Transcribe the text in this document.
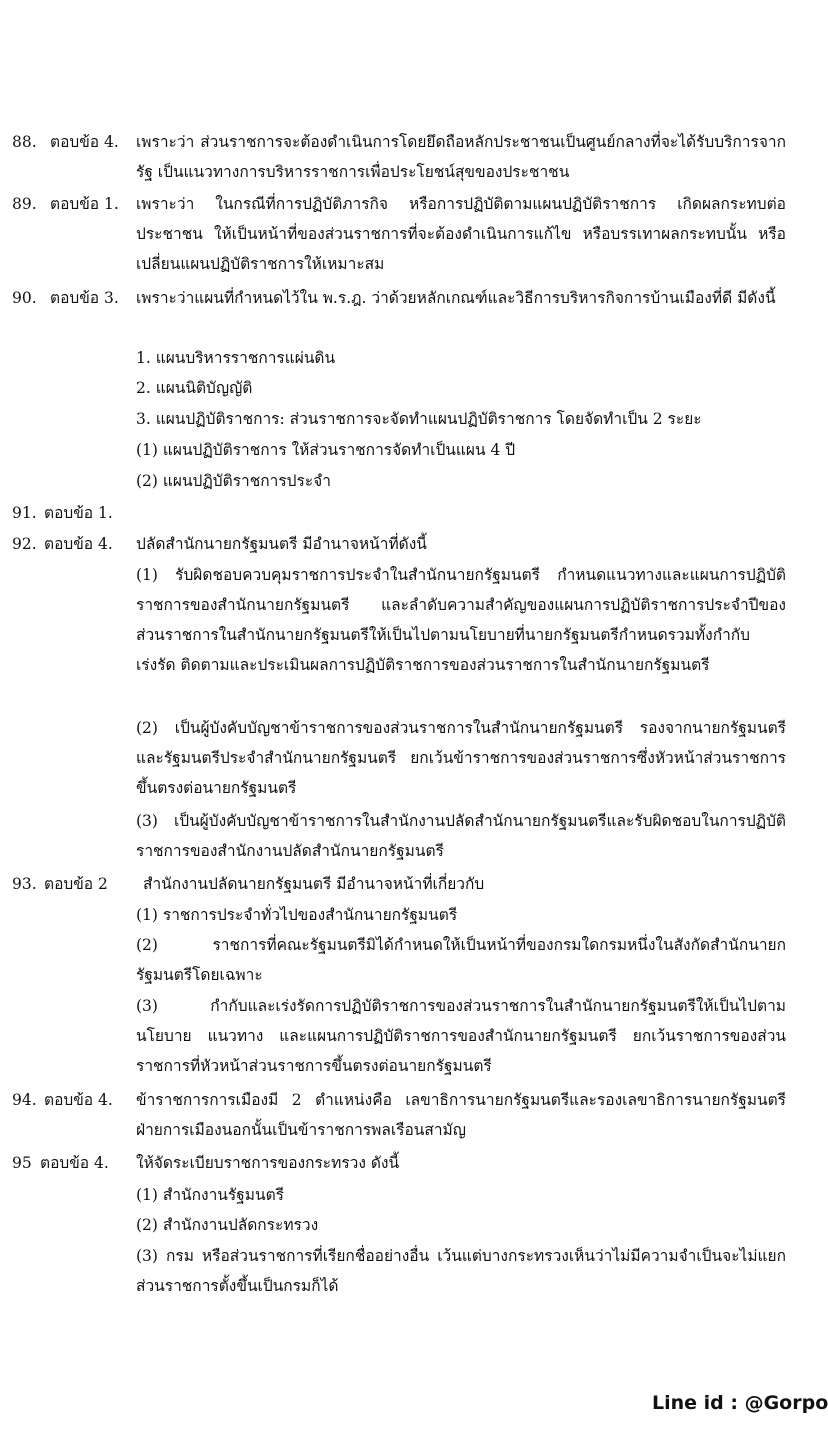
88. ตอบข้อ 4. เพราะว่า ส่วนราชการจะต้องดำเนินการโดยยึดถือหลักประชาชนเป็นศูนย์กลางที่จะได้รับบริการจากรัฐ เป็นแนวทางการบริหารราชการเพื่อประโยชน์สุขของประชาชน
89. ตอบข้อ 1. เพราะว่า ในกรณีที่การปฏิบัติภารกิจ หรือการปฏิบัติตามแผนปฏิบัติราชการ เกิดผลกระทบต่อประชาชน ให้เป็นหน้าที่ของส่วนราชการที่จะต้องดำเนินการแก้ไข หรือบรรเทาผลกระทบนั้น หรือเปลี่ยนแผนปฏิบัติราชการให้เหมาะสม
90. ตอบข้อ 3. เพราะว่าแผนที่กำหนดไว้ใน พ.ร.ฎ. ว่าด้วยหลักเกณฑ์และวิธีการบริหารกิจการบ้านเมืองที่ดี มีดังนี้
1. แผนบริหารราชการแผ่นดิน
2. แผนนิติบัญญัติ
3. แผนปฏิบัติราชการ: ส่วนราชการจะจัดทำแผนปฏิบัติราชการ โดยจัดทำเป็น 2 ระยะ
(1) แผนปฏิบัติราชการ ให้ส่วนราชการจัดทำเป็นแผน 4 ปี
(2) แผนปฏิบัติราชการประจำ
91. ตอบข้อ 1.
92. ตอบข้อ 4. ปลัดสำนักนายกรัฐมนตรี มีอำนาจหน้าที่ดังนี้
(1) รับผิดชอบควบคุมราชการประจำในสำนักนายกรัฐมนตรี กำหนดแนวทางและแผนการปฏิบัติราชการของสำนักนายกรัฐมนตรี และลำดับความสำคัญของแผนการปฏิบัติราชการประจำปีของส่วนราชการในสำนักนายกรัฐมนตรีให้เป็นไปตามนโยบายที่นายกรัฐมนตรีกำหนดรวมทั้งกำกับ เร่งรัด ติดตามและประเมินผลการปฏิบัติราชการของส่วนราชการในสำนักนายกรัฐมนตรี
(2) เป็นผู้บังคับบัญชาข้าราชการของส่วนราชการในสำนักนายกรัฐมนตรี รองจากนายกรัฐมนตรีและรัฐมนตรีประจำสำนักนายกรัฐมนตรี ยกเว้นข้าราชการของส่วนราชการซึ่งหัวหน้าส่วนราชการขึ้นตรงต่อนายกรัฐมนตรี
(3) เป็นผู้บังคับบัญชาข้าราชการในสำนักงานปลัดสำนักนายกรัฐมนตรีและรับผิดชอบในการปฏิบัติราชการของสำนักงานปลัดสำนักนายกรัฐมนตรี
93. ตอบข้อ 2 สำนักงานปลัดนายกรัฐมนตรี มีอำนาจหน้าที่เกี่ยวกับ
(1) ราชการประจำทั่วไปของสำนักนายกรัฐมนตรี
(2) ราชการที่คณะรัฐมนตรีมิได้กำหนดให้เป็นหน้าที่ของกรมใดกรมหนึ่งในสังกัดสำนักนายกรัฐมนตรีโดยเฉพาะ
(3) กำกับและเร่งรัดการปฏิบัติราชการของส่วนราชการในสำนักนายกรัฐมนตรีให้เป็นไปตามนโยบาย แนวทาง และแผนการปฏิบัติราชการของสำนักนายกรัฐมนตรี ยกเว้นราชการของส่วนราชการที่หัวหน้าส่วนราชการขึ้นตรงต่อนายกรัฐมนตรี
94. ตอบข้อ 4. ข้าราชการการเมืองมี 2 ตำแหน่งคือ เลขาธิการนายกรัฐมนตรีและรองเลขาธิการนายกรัฐมนตรีฝ่ายการเมืองนอกนั้นเป็นข้าราชการพลเรือนสามัญ
95 ตอบข้อ 4. ให้จัดระเบียบราชการของกระทรวง ดังนี้
(1) สำนักงานรัฐมนตรี
(2) สำนักงานปลัดกระทรวง
(3) กรม หรือส่วนราชการที่เรียกชื่ออย่างอื่น เว้นแต่บางกระทรวงเห็นว่าไม่มีความจำเป็นจะไม่แยกส่วนราชการตั้งขึ้นเป็นกรมก็ได้
Line id : @Gorpo
